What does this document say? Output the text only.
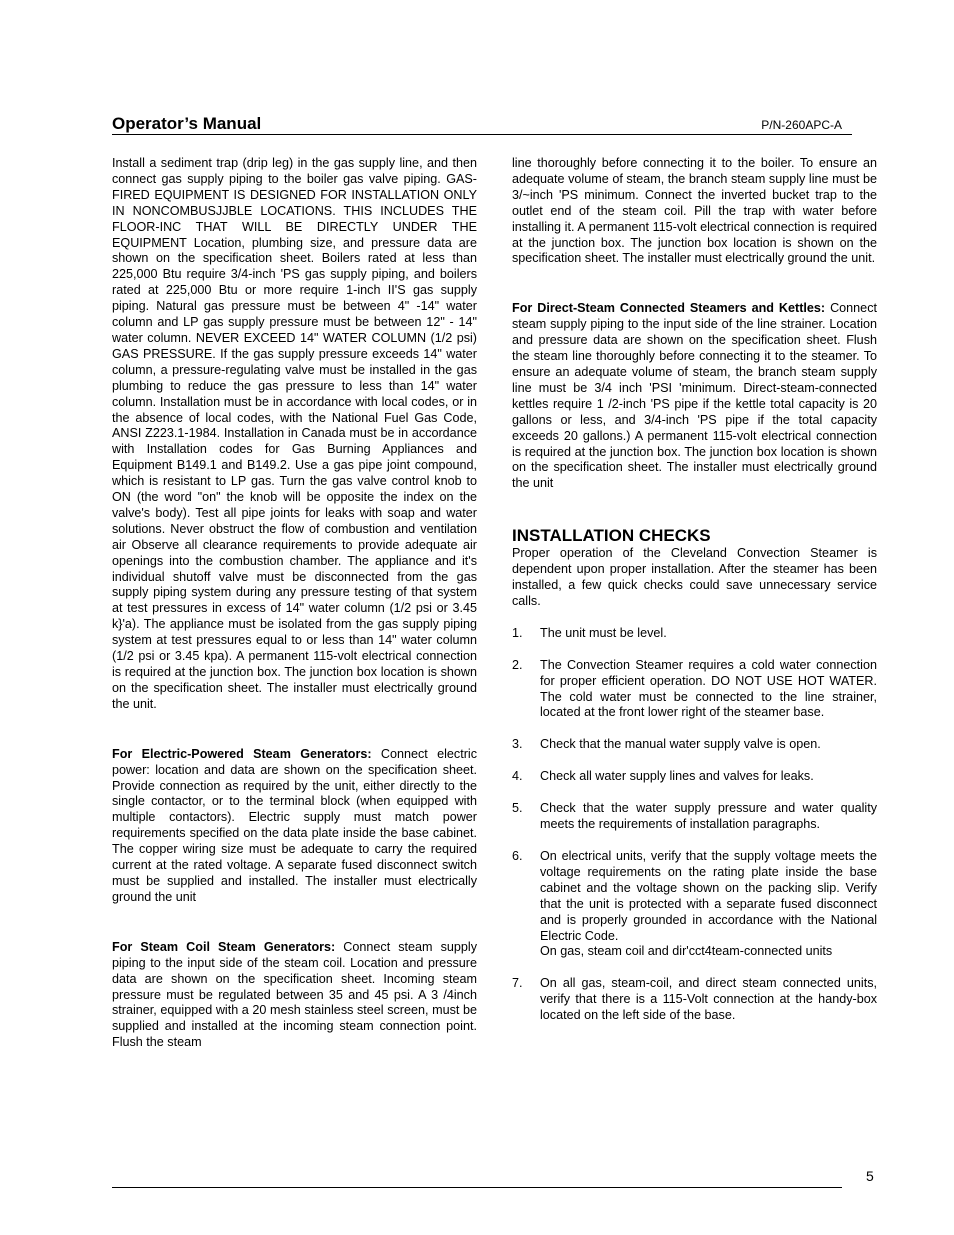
Operator’s Manual	P/N-260APC-A

Install a sediment trap (drip leg) in the gas supply line, and then connect gas supply piping to the boiler gas valve piping. GAS-FIRED EQUIPMENT IS DESIGNED FOR INSTALLATION ONLY IN NONCOMBUSJJBLE LOCATIONS. THIS INCLUDES THE FLOOR-INC THAT WILL BE DIRECTLY UNDER THE EQUIPMENT Location, plumbing size, and pressure data are shown on the specification sheet. Boilers rated at less than 225,000 Btu require 3/4-inch 'PS gas supply piping, and boilers rated at 225,000 Btu or more require 1-inch II'S gas supply piping. Natural gas pressure must be between 4" -14" water column and LP gas supply pressure must be between 12" - 14" water column. NEVER EXCEED 14" WATER COLUMN (1/2 psi) GAS PRESSURE. If the gas supply pressure exceeds 14" water column, a pressure-regulating valve must be installed in the gas plumbing to reduce the gas pressure to less than 14" water column. Installation must be in accordance with local codes, or in the absence of local codes, with the National Fuel Gas Code, ANSI Z223.1-1984. Installation in Canada must be in accordance with Installation codes for Gas Burning Appliances and Equipment B149.1 and B149.2. Use a gas pipe joint compound, which is resistant to LP gas. Turn the gas valve control knob to ON (the word "on" the knob will be opposite the index on the valve's body). Test all pipe joints for leaks with soap and water solutions. Never obstruct the flow of combustion and ventilation air Observe all clearance requirements to provide adequate air openings into the combustion chamber. The appliance and it's individual shutoff valve must be disconnected from the gas supply piping system during any pressure testing of that system at test pressures in excess of 14" water column (1/2 psi or 3.45 k}'a). The appliance must be isolated from the gas supply piping system at test pressures equal to or less than 14" water column (1/2 psi or 3.45 kpa). A permanent 115-volt electrical connection is required at the junction box. The junction box location is shown on the specification sheet. The installer must electrically ground the unit.

For Electric-Powered Steam Generators: Connect electric power: location and data are shown on the specification sheet. Provide connection as required by the unit, either directly to the single contactor, or to the terminal block (when equipped with multiple contactors). Electric supply must match power requirements specified on the data plate inside the base cabinet. The copper wiring size must be adequate to carry the required current at the rated voltage. A separate fused disconnect switch must be supplied and installed. The installer must electrically ground the unit

For Steam Coil Steam Generators: Connect steam supply piping to the input side of the steam coil. Location and pressure data are shown on the specification sheet. Incoming steam pressure must be regulated between 35 and 45 psi. A 3 /4inch strainer, equipped with a 20 mesh stainless steel screen, must be supplied and installed at the incoming steam connection point. Flush the steam

line thoroughly before connecting it to the boiler. To ensure an adequate volume of steam, the branch steam supply line must be 3/~inch 'PS minimum. Connect the inverted bucket trap to the outlet end of the steam coil. Pill the trap with water before installing it. A permanent 115-volt electrical connection is required at the junction box. The junction box location is shown on the specification sheet. The installer must electrically ground the unit.

For Direct-Steam Connected Steamers and Kettles: Connect steam supply piping to the input side of the line strainer. Location and pressure data are shown on the specification sheet. Flush the steam line thoroughly before connecting it to the steamer. To ensure an adequate volume of steam, the branch steam supply line must be 3/4 inch 'PSI 'minimum. Direct-steam-connected kettles require 1 /2-inch 'PS pipe if the kettle total capacity is 20 gallons or less, and 3/4-inch 'PS pipe if the total capacity exceeds 20 gallons.) A permanent 115-volt electrical connection is required at the junction box. The junction box location is shown on the specification sheet. The installer must electrically ground the unit

INSTALLATION CHECKS

Proper operation of the Cleveland Convection Steamer is dependent upon proper installation. After the steamer has been installed, a few quick checks could save unnecessary service calls.

1. The unit must be level.
2. The Convection Steamer requires a cold water connection for proper efficient operation. DO NOT USE HOT WATER. The cold water must be connected to the line strainer, located at the front lower right of the steamer base.
3. Check that the manual water supply valve is open.
4. Check all water supply lines and valves for leaks.
5. Check that the water supply pressure and water quality meets the requirements of installation paragraphs.
6. On electrical units, verify that the supply voltage meets the voltage requirements on the rating plate inside the base cabinet and the voltage shown on the packing slip. Verify that the unit is protected with a separate fused disconnect and is properly grounded in accordance with the National Electric Code.
On gas, steam coil and dir'cct4team-connected units
7. On all gas, steam-coil, and direct steam connected units, verify that there is a 115-Volt connection at the handy-box located on the left side of the base.
5
